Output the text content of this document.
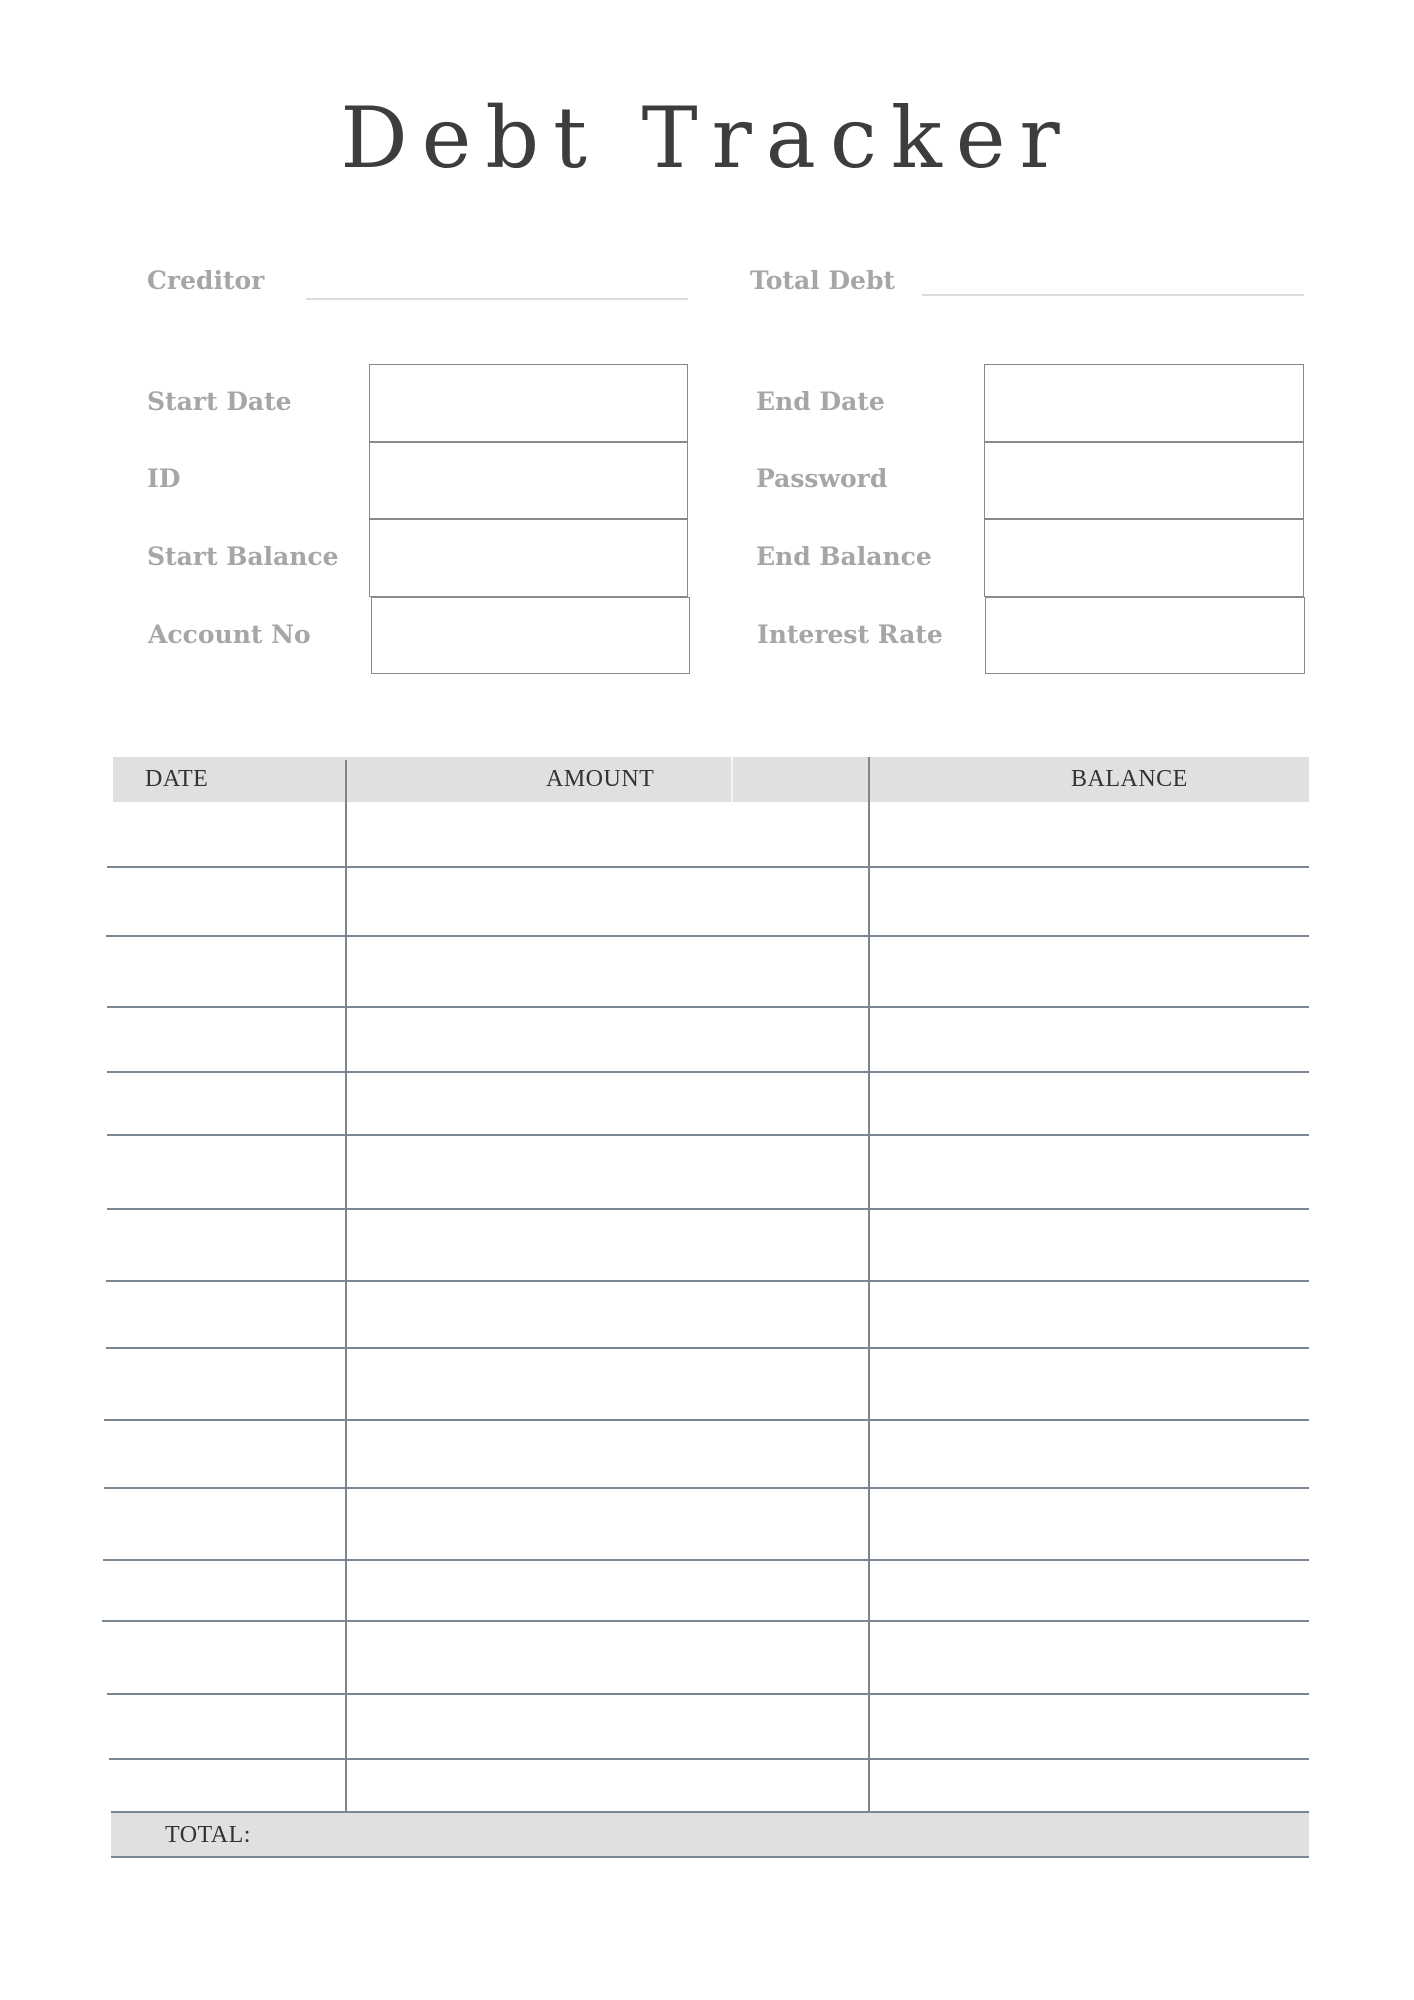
Debt Tracker
Creditor	Total Debt
Start Date
ID
Start Balance
Account No
End Date
Password
End Balance
Interest Rate
DATE	AMOUNT	BALANCE
TOTAL:
